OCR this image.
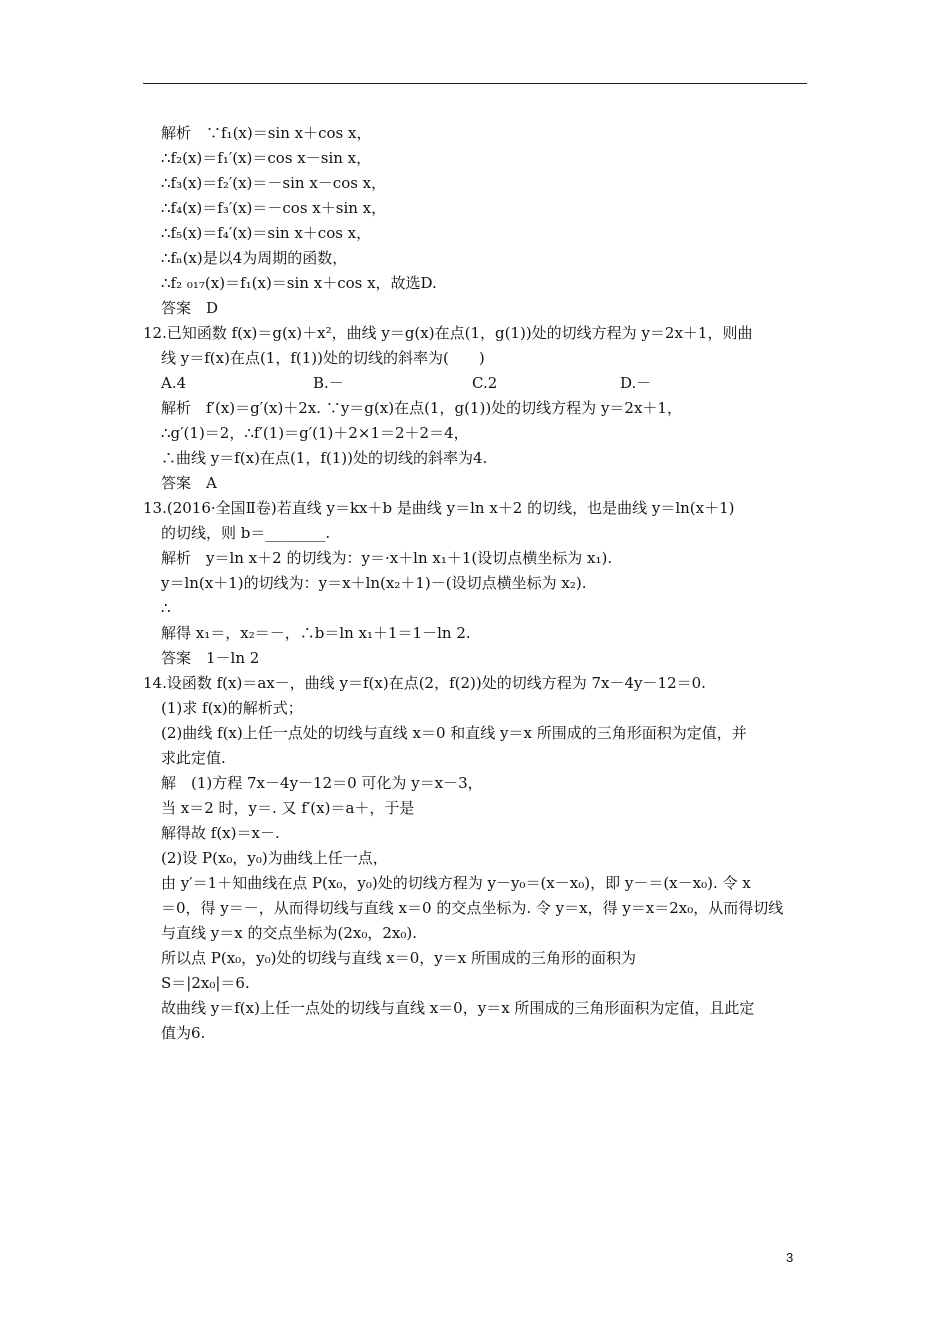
解析　∵f₁(x)＝sin x＋cos x，
∴f₂(x)＝f₁′(x)＝cos x－sin x，
∴f₃(x)＝f₂′(x)＝－sin x－cos x，
∴f₄(x)＝f₃′(x)＝－cos x＋sin x，
∴f₅(x)＝f₄′(x)＝sin x＋cos x，
∴fₙ(x)是以4为周期的函数，
∴f₂ ₀₁₇(x)＝f₁(x)＝sin x＋cos x，故选D.
答案　D
12.已知函数 f(x)＝g(x)＋x²，曲线 y＝g(x)在点(1，g(1))处的切线方程为 y＝2x＋1，则曲
线 y＝f(x)在点(1，f(1))处的切线的斜率为(　　)
A.4	B.－	C.2	D.－
解析　f′(x)＝g′(x)＋2x. ∵y＝g(x)在点(1，g(1))处的切线方程为 y＝2x＋1，
∴g′(1)＝2，∴f′(1)＝g′(1)＋2×1＝2＋2＝4，
∴曲线 y＝f(x)在点(1，f(1))处的切线的斜率为4.
答案　A
13.(2016·全国Ⅱ卷)若直线 y＝kx＋b 是曲线 y＝ln x＋2 的切线，也是曲线 y＝ln(x＋1)
的切线，则 b＝________.
解析　y＝ln x＋2 的切线为：y＝·x＋ln x₁＋1(设切点横坐标为 x₁).
y＝ln(x＋1)的切线为：y＝x＋ln(x₂＋1)－(设切点横坐标为 x₂).
∴
解得 x₁＝，x₂＝－，∴b＝ln x₁＋1＝1－ln 2.
答案　1－ln 2
14.设函数 f(x)＝ax－，曲线 y＝f(x)在点(2，f(2))处的切线方程为 7x－4y－12＝0.
(1)求 f(x)的解析式；
(2)曲线 f(x)上任一点处的切线与直线 x＝0 和直线 y＝x 所围成的三角形面积为定值，并
求此定值.
解　(1)方程 7x－4y－12＝0 可化为 y＝x－3，
当 x＝2 时，y＝. 又 f′(x)＝a＋，于是
解得故 f(x)＝x－.
(2)设 P(x₀，y₀)为曲线上任一点，
由 y′＝1＋知曲线在点 P(x₀，y₀)处的切线方程为 y－y₀＝(x－x₀)，即 y－＝(x－x₀). 令 x
＝0，得 y＝－，从而得切线与直线 x＝0 的交点坐标为. 令 y＝x，得 y＝x＝2x₀，从而得切线
与直线 y＝x 的交点坐标为(2x₀，2x₀).
所以点 P(x₀，y₀)处的切线与直线 x＝0，y＝x 所围成的三角形的面积为
S＝|2x₀|＝6.
故曲线 y＝f(x)上任一点处的切线与直线 x＝0，y＝x 所围成的三角形面积为定值，且此定
值为6.
3
